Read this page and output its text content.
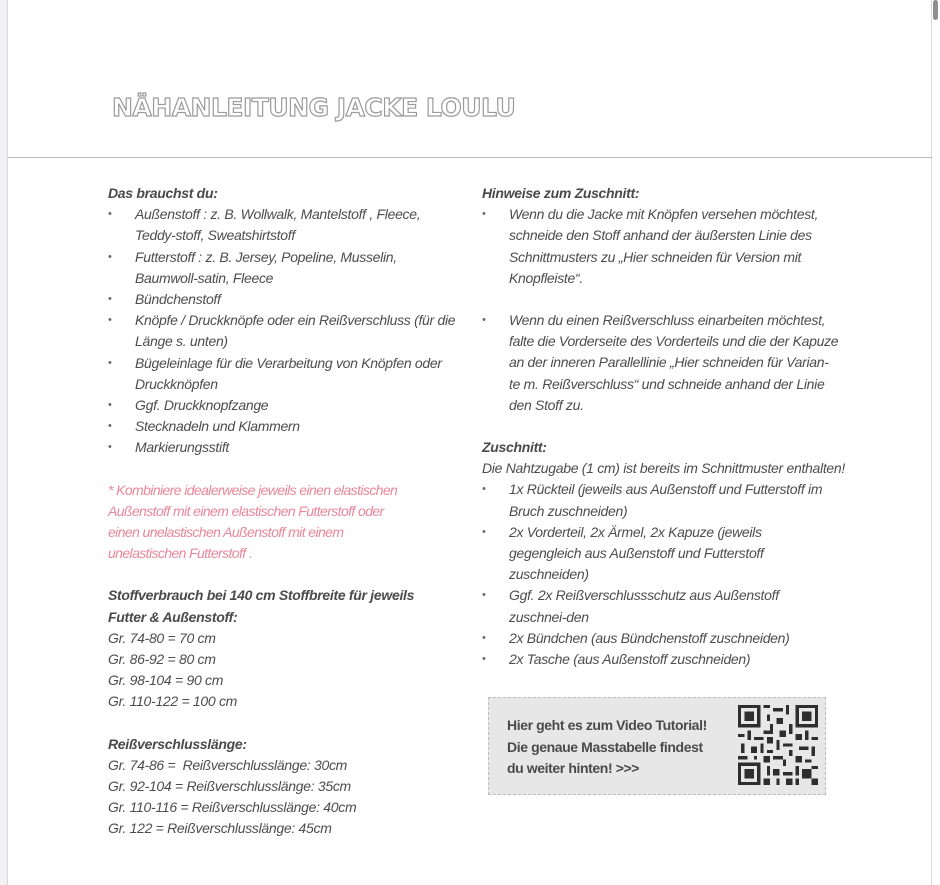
NÄHANLEITUNG JACKE LOULU
Das brauchst du:
• Außenstoff : z. B. Wollwalk, Mantelstoff , Fleece, Teddy-stoff, Sweatshirtstoff
• Futterstoff : z. B. Jersey, Popeline, Musselin, Baumwoll-satin, Fleece
• Bündchenstoff
• Knöpfe / Druckknöpfe oder ein Reißverschluss (für die Länge s. unten)
• Bügeleinlage für die Verarbeitung von Knöpfen oder Druckknöpfen
• Ggf. Druckknopfzange
• Stecknadeln und Klammern
• Markierungsstift
* Kombiniere idealerweise jeweils einen elastischen Außenstoff mit einem elastischen Futterstoff oder einen unelastischen Außenstoff mit einem unelastischen Futterstoff .
Stoffverbrauch bei 140 cm Stoffbreite für jeweils Futter & Außenstoff:
Gr. 74-80 = 70 cm
Gr. 86-92 = 80 cm
Gr. 98-104 = 90 cm
Gr. 110-122 = 100 cm
Reißverschlusslänge:
Gr. 74-86 =  Reißverschlusslänge: 30cm
Gr. 92-104 = Reißverschlusslänge: 35cm
Gr. 110-116 = Reißverschlusslänge: 40cm
Gr. 122 = Reißverschlusslänge: 45cm
Hinweise zum Zuschnitt:
• Wenn du die Jacke mit Knöpfen versehen möchtest, schneide den Stoff anhand der äußersten Linie des Schnittmusters zu „Hier schneiden für Version mit Knopfleiste“.
• Wenn du einen Reißverschluss einarbeiten möchtest, falte die Vorderseite des Vorderteils und die der Kapuze an der inneren Parallellinie „Hier schneiden für Varian-te m. Reißverschluss“ und schneide anhand der Linie den Stoff zu.
Zuschnitt:
Die Nahtzugabe (1 cm) ist bereits im Schnittmuster enthalten!
• 1x Rückteil (jeweils aus Außenstoff und Futterstoff im Bruch zuschneiden)
• 2x Vorderteil, 2x Ärmel, 2x Kapuze (jeweils gegengleich aus Außenstoff und Futterstoff zuschneiden)
• Ggf. 2x Reißverschlussschutz aus Außenstoff zuschnei-den
• 2x Bündchen (aus Bündchenstoff zuschneiden)
• 2x Tasche (aus Außenstoff zuschneiden)
Hier geht es zum Video Tutorial!
Die genaue Masstabelle findest
du weiter hinten! >>>
